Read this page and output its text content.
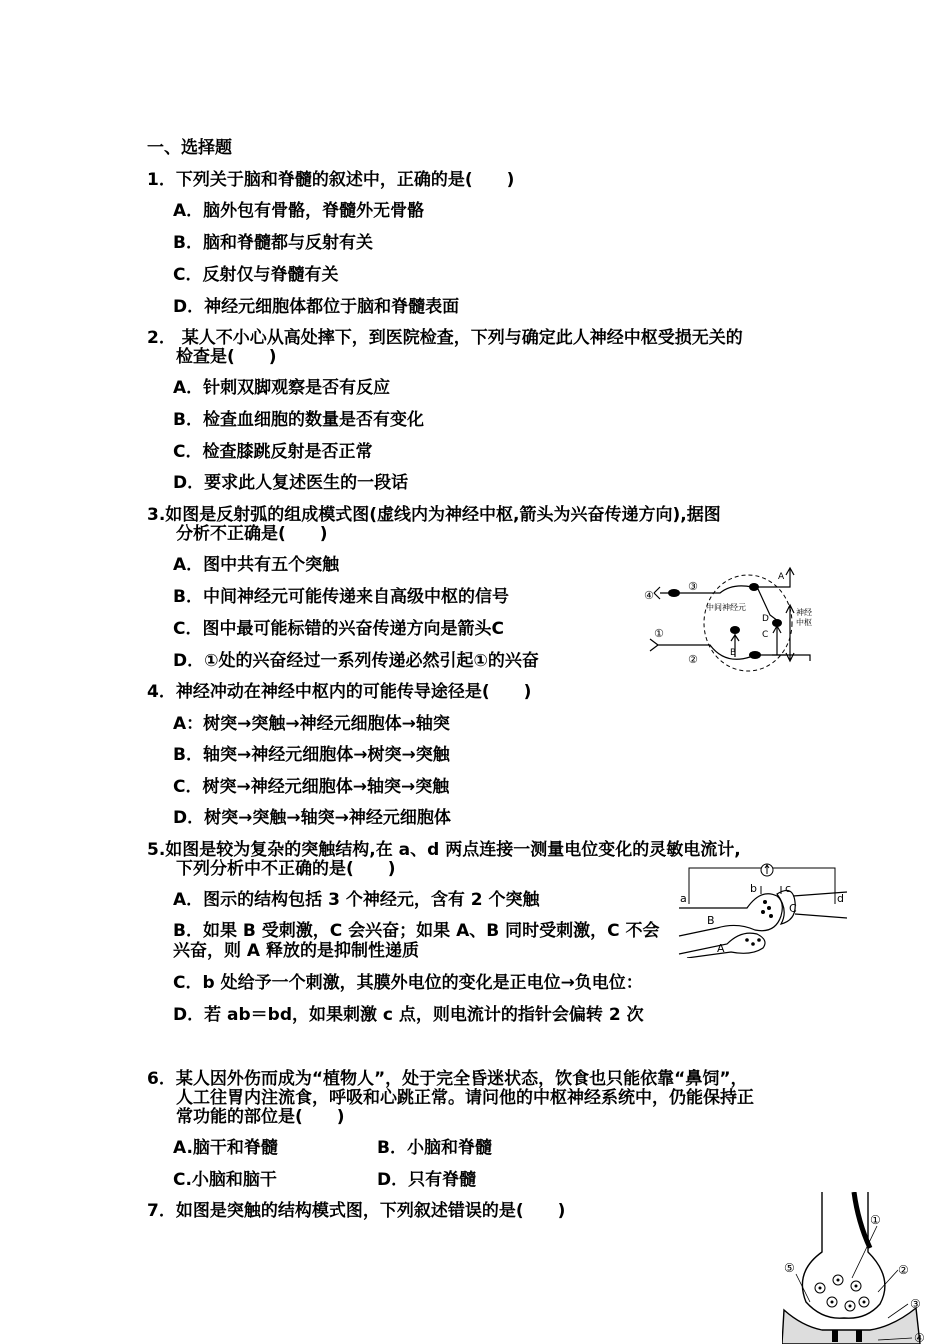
一、选择题
1．下列关于脑和脊髓的叙述中，正确的是(　　)
A．脑外包有骨骼，脊髓外无骨骼
B．脑和脊髓都与反射有关
C．反射仅与脊髓有关
D．神经元细胞体都位于脑和脊髓表面
2． 某人不小心从高处摔下，到医院检查，下列与确定此人神经中枢受损无关的
检查是(　　)
A．针刺双脚观察是否有反应
B．检查血细胞的数量是否有变化
C．检查膝跳反射是否正常
D．要求此人复述医生的一段话
3.如图是反射弧的组成模式图(虚线内为神经中枢,箭头为兴奋传递方向),据图
分析不正确是(　　)
A．图中共有五个突触
B．中间神经元可能传递来自高级中枢的信号
C．图中最可能标错的兴奋传递方向是箭头C
D．①处的兴奋经过一系列传递必然引起①的兴奋
④
③
①
②
A
B
C
D
中间神经元
神经
中枢
4．神经冲动在神经中枢内的可能传导途径是(　　)
A：树突→突触→神经元细胞体→轴突
B．轴突→神经元细胞体→树突→突触
C．树突→神经元细胞体→轴突→突触
D．树突→突触→轴突→神经元细胞体
5.如图是较为复杂的突触结构,在 a、d 两点连接一测量电位变化的灵敏电流计,
下列分析中不正确的是(　　)
A．图示的结构包括 3 个神经元，含有 2 个突触
B．如果 B 受刺激，C 会兴奋；如果 A、B 同时受刺激，C 不会
兴奋，则 A 释放的是抑制性递质
C．b 处给予一个刺激，其膜外电位的变化是正电位→负电位：
D．若 ab＝bd，如果刺激 c 点，则电流计的指针会偏转 2 次
a
b	c
d
B
C
A
6．某人因外伤而成为“植物人”，处于完全昏迷状态，饮食也只能依靠“鼻饲”，
人工往胃内注流食，呼吸和心跳正常。请问他的中枢神经系统中，仍能保持正
常功能的部位是(　　)
A.脑干和脊髓	B．小脑和脊髓
C.小脑和脑干	D．只有脊髓
7．如图是突触的结构模式图，下列叙述错误的是(　　)	①
②
③
④
⑤
